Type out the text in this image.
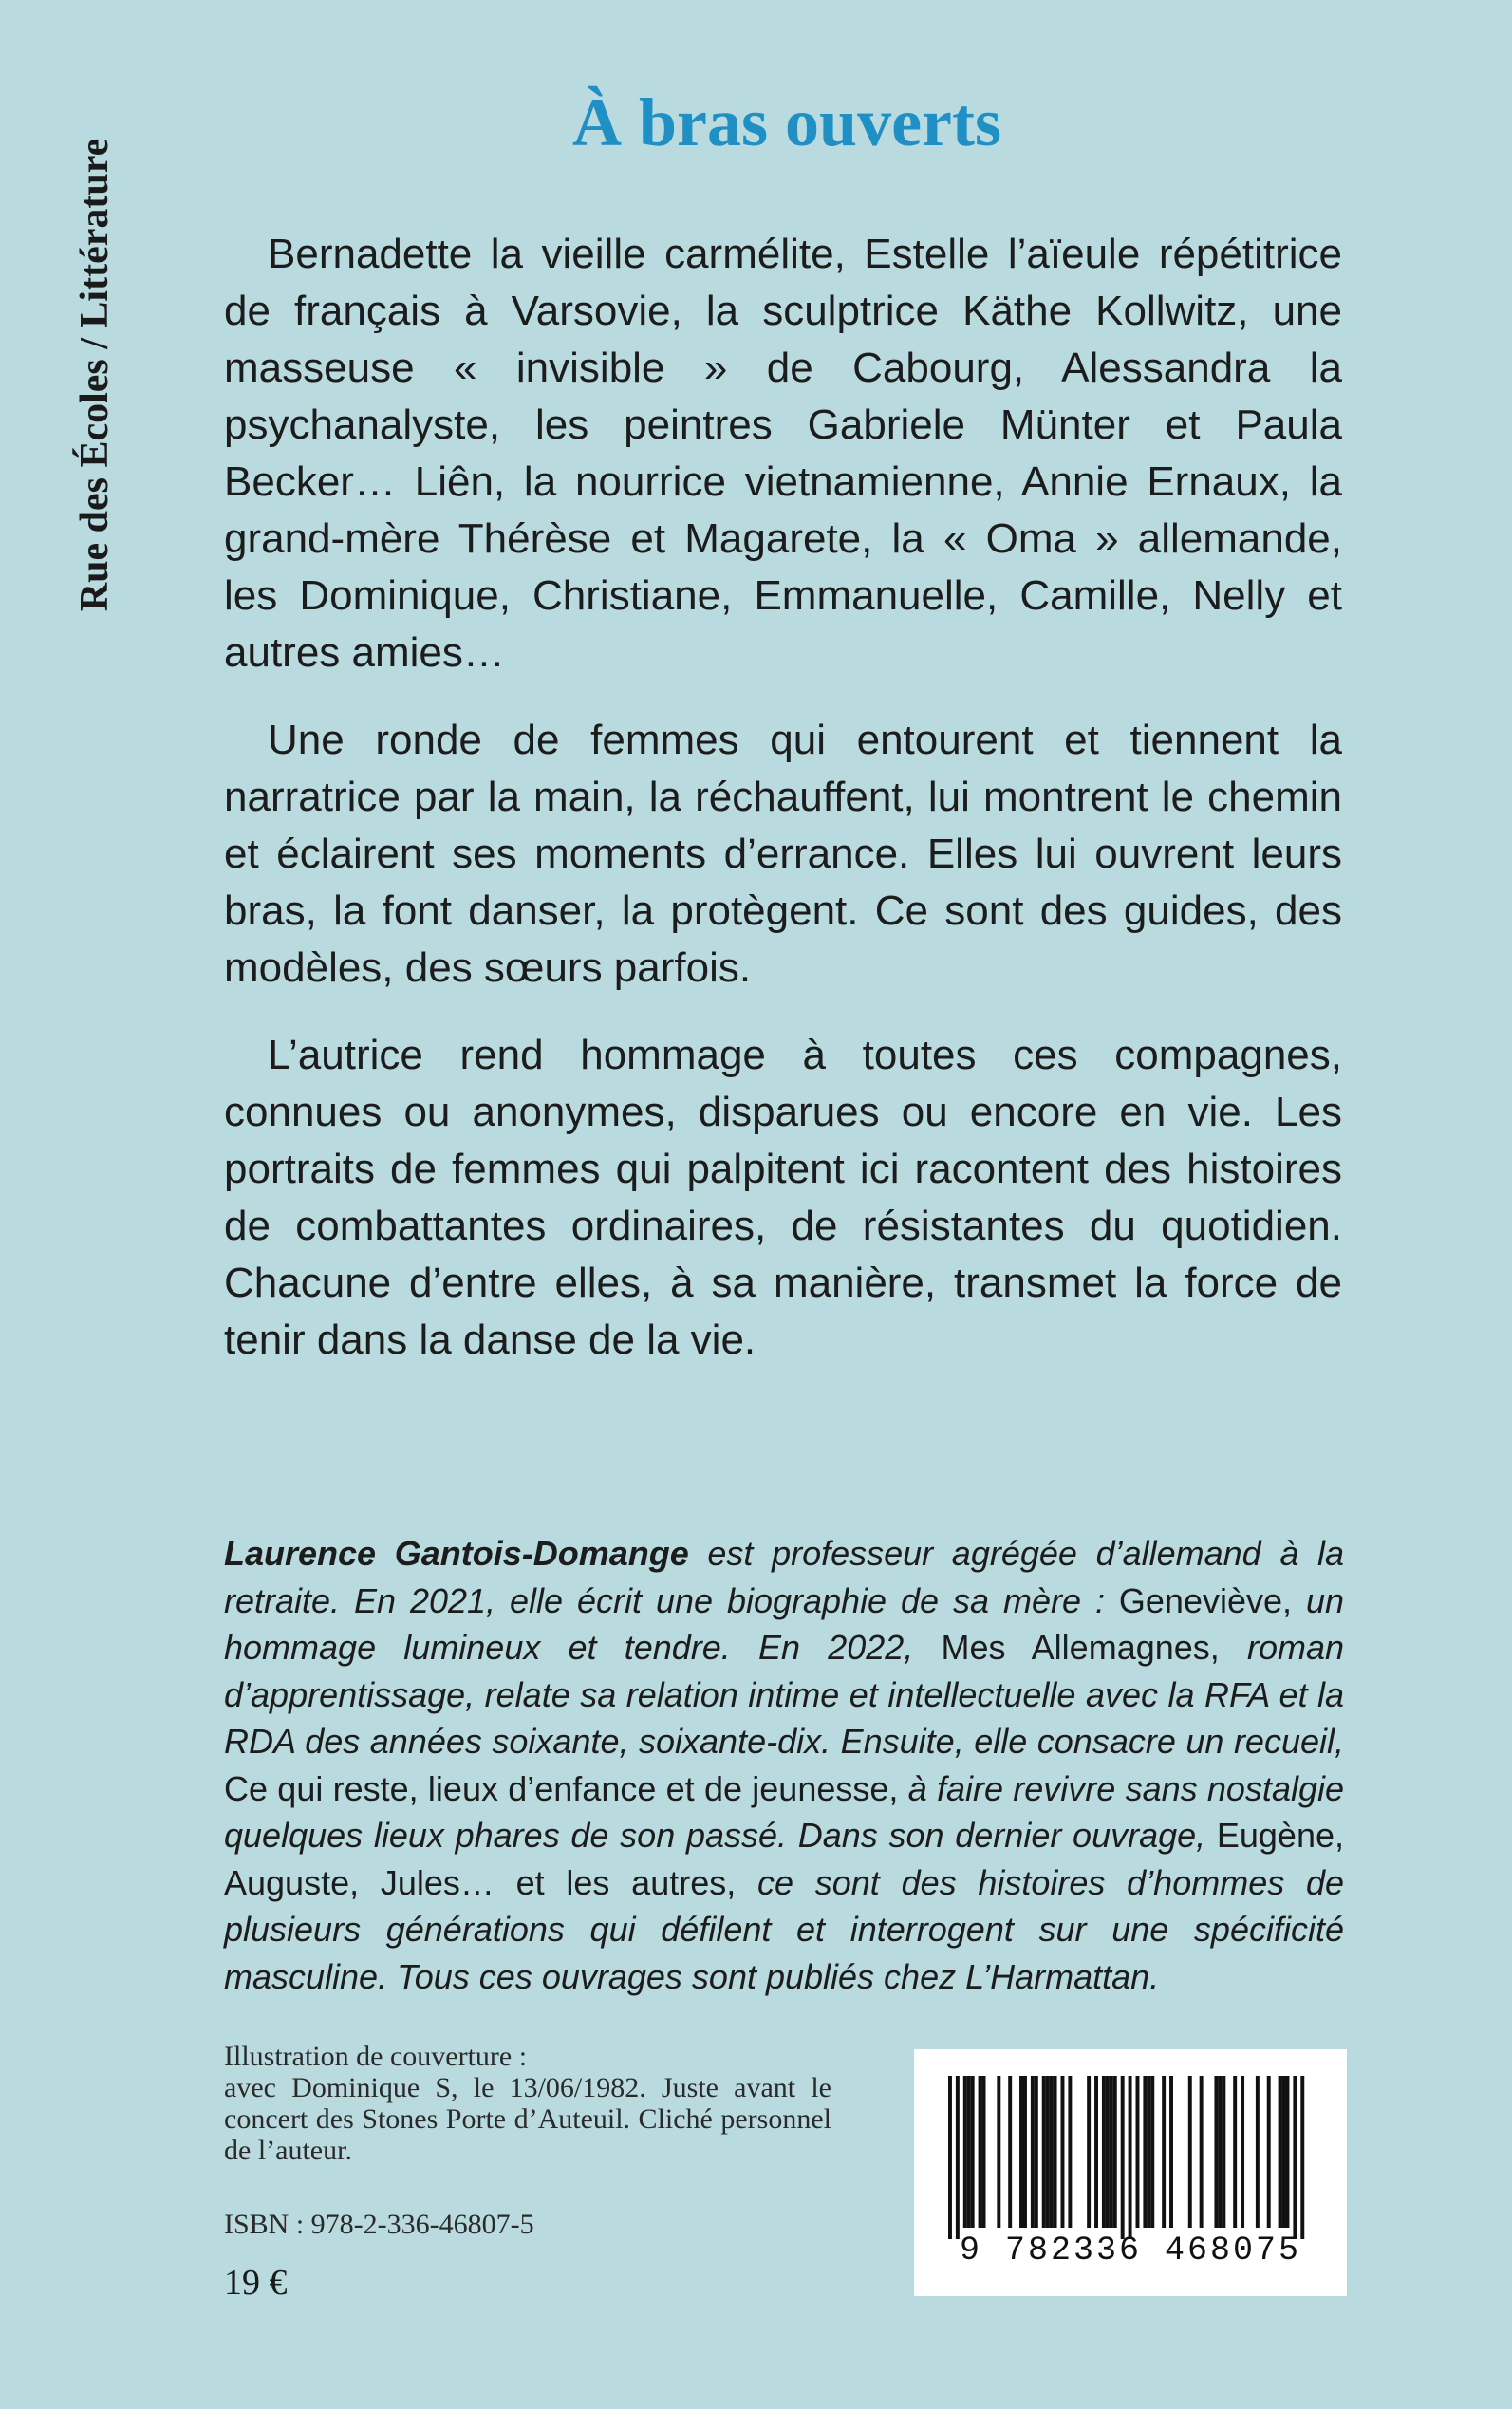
Rue des Écoles / Littérature
À bras ouverts

Bernadette la vieille carmélite, Estelle l’aïeule répétitrice de français à Varsovie, la sculptrice Käthe Kollwitz, une masseuse « invisible » de Cabourg, Alessandra la psychanalyste, les peintres Gabriele Münter et Paula Becker… Liên, la nourrice vietnamienne, Annie Ernaux, la grand-mère Thérèse et Magarete, la « Oma » allemande, les Dominique, Christiane, Emmanuelle, Camille, Nelly et autres amies…

Une ronde de femmes qui entourent et tiennent la narratrice par la main, la réchauffent, lui montrent le chemin et éclairent ses moments d’errance. Elles lui ouvrent leurs bras, la font danser, la protègent. Ce sont des guides, des modèles, des sœurs parfois.

L’autrice rend hommage à toutes ces compagnes, connues ou anonymes, disparues ou encore en vie. Les portraits de femmes qui palpitent ici racontent des histoires de combattantes ordinaires, de résistantes du quotidien. Chacune d’entre elles, à sa manière, transmet la force de tenir dans la danse de la vie.

Laurence Gantois-Domange est professeur agrégée d’allemand à la retraite. En 2021, elle écrit une biographie de sa mère : Geneviève, un hommage lumineux et tendre. En 2022, Mes Allemagnes, roman d’apprentissage, relate sa relation intime et intellectuelle avec la RFA et la RDA des années soixante, soixante-dix. Ensuite, elle consacre un recueil, Ce qui reste, lieux d’enfance et de jeunesse, à faire revivre sans nostalgie quelques lieux phares de son passé. Dans son dernier ouvrage, Eugène, Auguste, Jules… et les autres, ce sont des histoires d’hommes de plusieurs générations qui défilent et interrogent sur une spécificité masculine. Tous ces ouvrages sont publiés chez L’Harmattan.

Illustration de couverture :
avec Dominique S, le 13/06/1982. Juste avant le concert des Stones Porte d’Auteuil. Cliché personnel de l’auteur.
ISBN : 978-2-336-46807-5
19 €
9 782336 468075
